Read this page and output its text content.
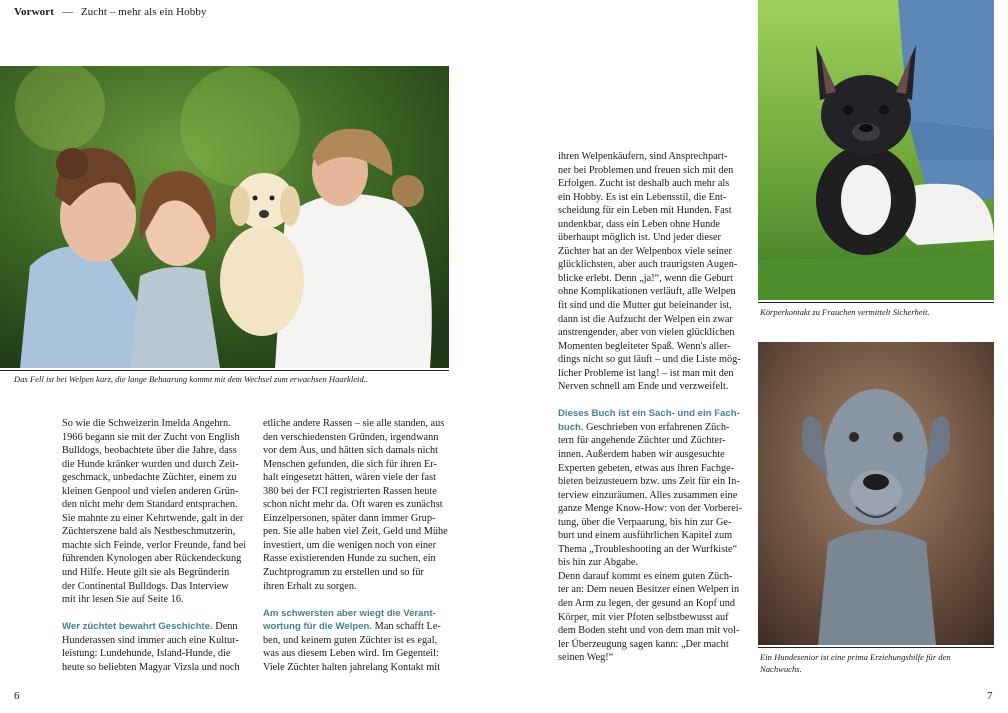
Vorwort — Zucht – mehr als ein Hobby
Das Fell ist bei Welpen kurz, die lange Behaarung kommt mit dem Wechsel zum erwachsen Haarkleid..
Körperkontakt zu Frauchen vermittelt Sicherheit.
Ein Hundesenior ist eine prima Erziehungshilfe für den
Nachwuchs.

So wie die Schweizerin Imelda Angehrn.
1966 begann sie mit der Zucht von English
Bulldogs, beobachtete über die Jahre, dass
die Hunde kränker wurden und durch Zeit-
geschmack, unbedachte Züchter, einem zu
kleinen Genpool und vielen anderen Grün-
den nicht mehr dem Standard entsprachen.
Sie mahnte zu einer Kehrtwende, galt in der
Züchterszene bald als Nestbeschmutzerin,
machte sich Feinde, verlor Freunde, fand bei
führenden Kynologen aber Rückendeckung
und Hilfe. Heute gilt sie als Begründerin
der Continental Bulldogs. Das Interview
mit ihr lesen Sie auf Seite 16.

Wer züchtet bewahrt Geschichte. Denn

Hunderassen sind immer auch eine Kultur-
leistung: Lundehunde, Island-Hunde, die
heute so beliebten Magyar Vizsla und noch

etliche andere Rassen – sie alle standen, aus
den verschiedensten Gründen, irgendwann
vor dem Aus, und hätten sich damals nicht
Menschen gefunden, die sich für ihren Er-
halt eingesetzt hätten, wären viele der fast
380 bei der FCI registrierten Rassen heute
schon nicht mehr da. Oft waren es zunächst
Einzelpersonen, später dann immer Grup-
pen. Sie alle haben viel Zeit, Geld und Mühe
investiert, um die wenigen noch von einer
Rasse existierenden Hunde zu suchen, ein
Zuchtprogramm zu erstellen und so für
ihren Erhalt zu sorgen.

Am schwersten aber wiegt die Verant-
wortung für die Welpen.

Man schafft Le-

ben, und keinem guten Züchter ist es egal,
was aus diesem Leben wird. Im Gegenteil:
Viele Züchter halten jahrelang Kontakt mit

ihren Welpenkäufern, sind Ansprechpart-
ner bei Problemen und freuen sich mit den
Erfolgen. Zucht ist deshalb auch mehr als
ein Hobby. Es ist ein Lebensstil, die Ent-
scheidung für ein Leben mit Hunden. Fast
undenkbar, dass ein Leben ohne Hunde
überhaupt möglich ist. Und jeder dieser
Züchter hat an der Welpenbox viele seiner
glücklichsten, aber auch traurigsten Augen-
blicke erlebt. Denn „ja!“, wenn die Geburt
ohne Komplikationen verläuft, alle Welpen
fit sind und die Mutter gut beieinander ist,
dann ist die Aufzucht der Welpen ein zwar
anstrengender, aber von vielen glücklichen
Momenten begleiteter Spaß. Wenn's aller-
dings nicht so gut läuft – und die Liste mög-
licher Probleme ist lang! – ist man mit den
Nerven schnell am Ende und verzweifelt.

Dieses Buch ist ein Sach- und ein Fach-
buch.

Geschrieben von erfahrenen Züch-

tern für angehende Züchter und Züchter-
innen. Außerdem haben wir ausgesuchte
Experten gebeten, etwas aus ihren Fachge-
bieten beizusteuern bzw. uns Zeit für ein In-
terview einzuräumen. Alles zusammen eine
ganze Menge Know-How: von der Vorberei-
tung, über die Verpaarung, bis hin zur Ge-
burt und einem ausführlichen Kapitel zum
Thema „Troubleshooting an der Wurfkiste“
bis hin zur Abgabe.
Denn darauf kommt es einem guten Züch-
ter an: Dem neuen Besitzer einen Welpen in
den Arm zu legen, der gesund an Kopf und
Körper, mit vier Pfoten selbstbewusst auf
dem Boden steht und von dem man mit vol-
ler Überzeugung sagen kann: „Der macht
seinen Weg!“

6	7
